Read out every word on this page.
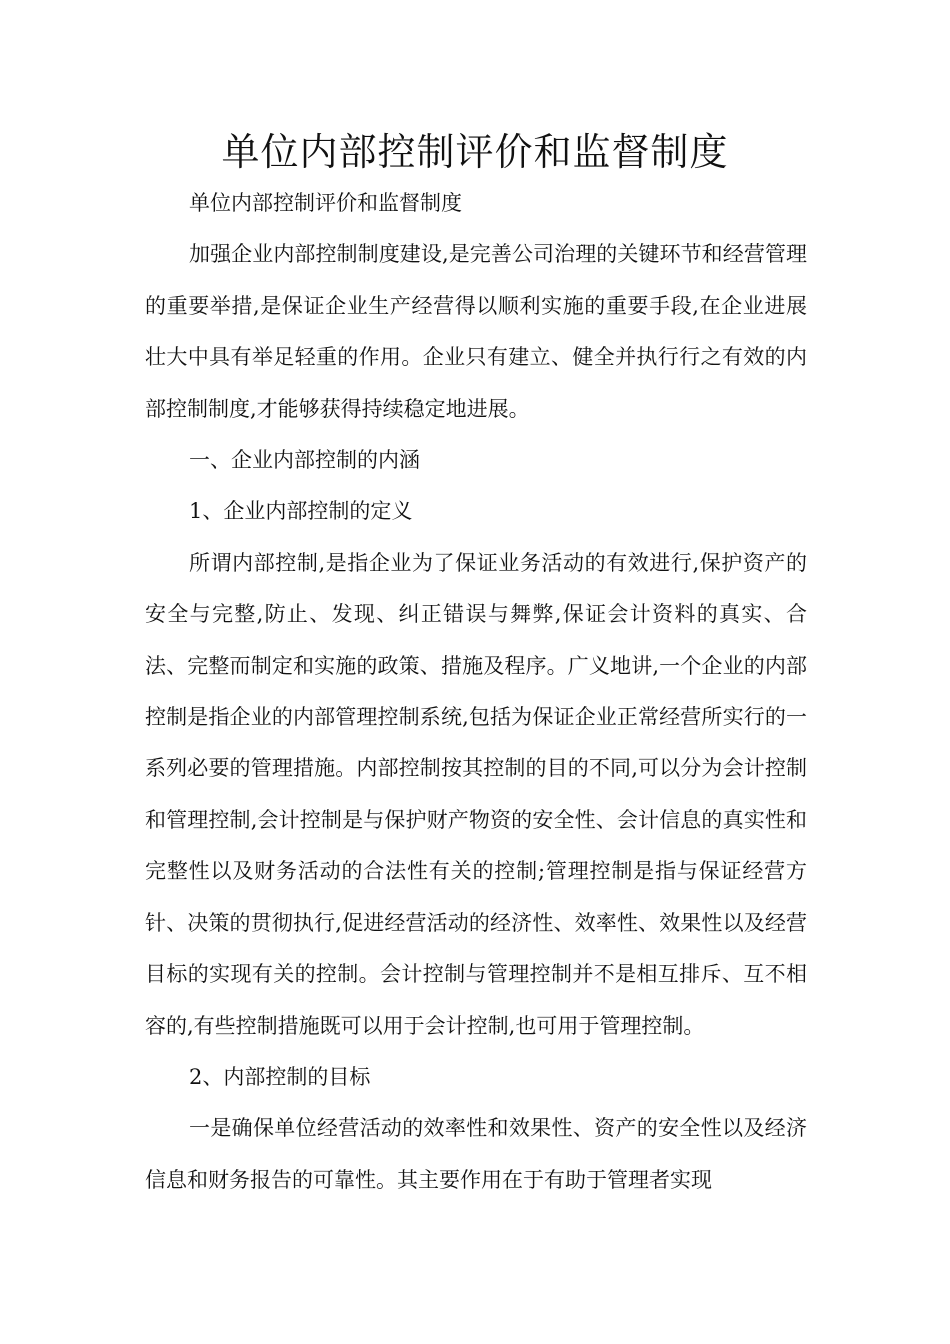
单位内部控制评价和监督制度

单位内部控制评价和监督制度

加强企业内部控制制度建设,是完善公司治理的关键环节和经营管理的重要举措,是保证企业生产经营得以顺利实施的重要手段,在企业进展壮大中具有举足轻重的作用。企业只有建立、健全并执行行之有效的内部控制制度,才能够获得持续稳定地进展。

一、企业内部控制的内涵

1、企业内部控制的定义

所谓内部控制,是指企业为了保证业务活动的有效进行,保护资产的安全与完整,防止、发现、纠正错误与舞弊,保证会计资料的真实、合法、完整而制定和实施的政策、措施及程序。广义地讲,一个企业的内部控制是指企业的内部管理控制系统,包括为保证企业正常经营所实行的一系列必要的管理措施。内部控制按其控制的目的不同,可以分为会计控制和管理控制,会计控制是与保护财产物资的安全性、会计信息的真实性和完整性以及财务活动的合法性有关的控制;管理控制是指与保证经营方针、决策的贯彻执行,促进经营活动的经济性、效率性、效果性以及经营目标的实现有关的控制。会计控制与管理控制并不是相互排斥、互不相容的,有些控制措施既可以用于会计控制,也可用于管理控制。

2、内部控制的目标

一是确保单位经营活动的效率性和效果性、资产的安全性以及经济信息和财务报告的可靠性。其主要作用在于有助于管理者实现
